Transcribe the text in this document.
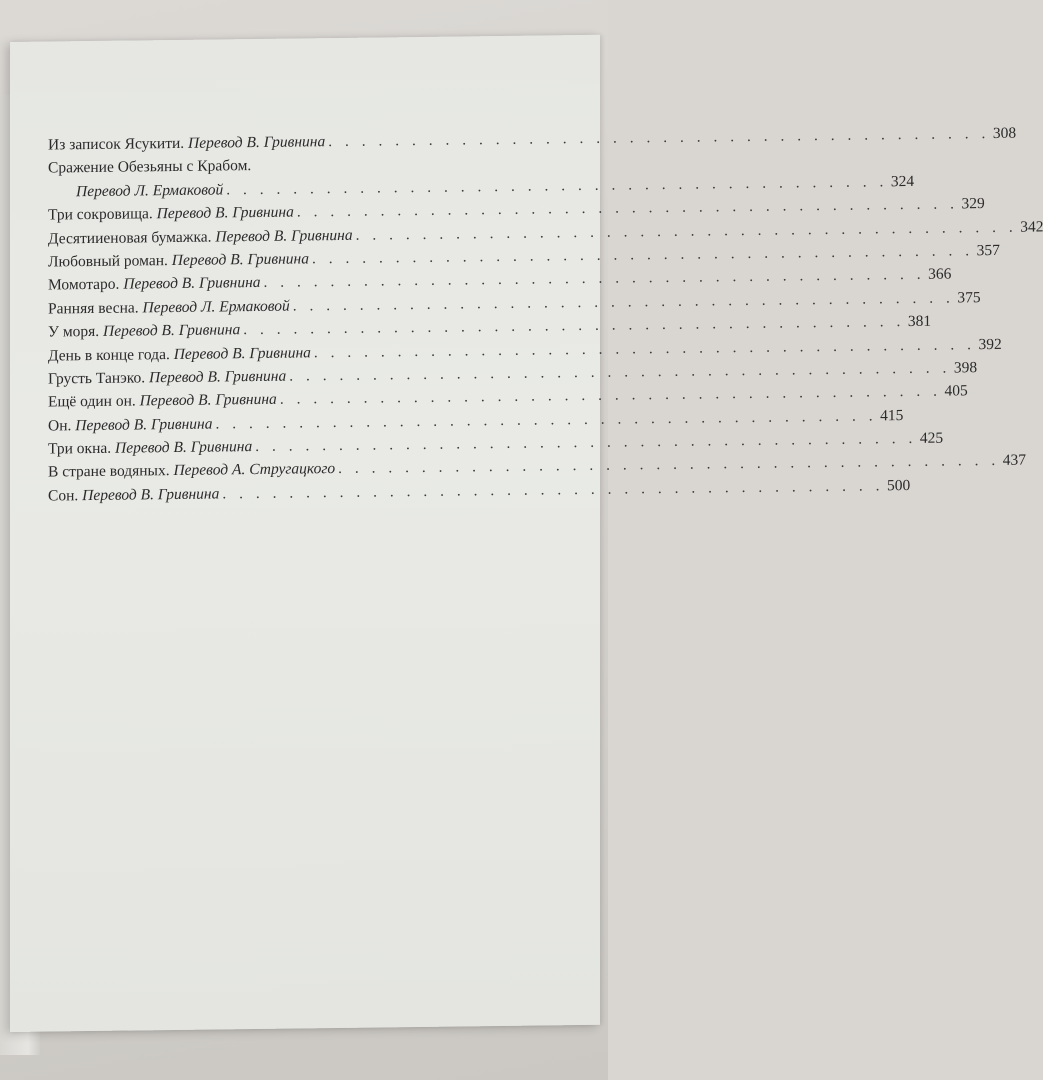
Из записок Ясукити.
Перевод В. Гривнина . . . . . . . . . . . . . . . . . . . . . . . . . . . . . . . . . . . . . . . . 308
Сражение Обезьяны с Крабом.
Перевод Л. Ермаковой . . . . . . . . . . . . . . . . . . . . . . . . . . . . . . . . . . . . . . . . 324
Три сокровища.
Перевод В. Гривнина . . . . . . . . . . . . . . . . . . . . . . . . . . . . . . . . . . . . . . . . 329
Десятииеновая бумажка.
Перевод В. Гривнина . . . . . . . . . . . . . . . . . . . . . . . . . . . . . . . . . . . . . . . . 342
Любовный роман.
Перевод В. Гривнина . . . . . . . . . . . . . . . . . . . . . . . . . . . . . . . . . . . . . . . . 357
Момотаро.
Перевод В. Гривнина . . . . . . . . . . . . . . . . . . . . . . . . . . . . . . . . . . . . . . . . 366
Ранняя весна.
Перевод Л. Ермаковой . . . . . . . . . . . . . . . . . . . . . . . . . . . . . . . . . . . . . . . . 375
У моря.
Перевод В. Гривнина . . . . . . . . . . . . . . . . . . . . . . . . . . . . . . . . . . . . . . . . 381
День в конце года.
Перевод В. Гривнина . . . . . . . . . . . . . . . . . . . . . . . . . . . . . . . . . . . . . . . . 392
Грусть Танэко.
Перевод В. Гривнина . . . . . . . . . . . . . . . . . . . . . . . . . . . . . . . . . . . . . . . . 398
Ещё один он.
Перевод В. Гривнина . . . . . . . . . . . . . . . . . . . . . . . . . . . . . . . . . . . . . . . . 405
Он.
Перевод В. Гривнина . . . . . . . . . . . . . . . . . . . . . . . . . . . . . . . . . . . . . . . . 415
Три окна.
Перевод В. Гривнина . . . . . . . . . . . . . . . . . . . . . . . . . . . . . . . . . . . . . . . . 425
В стране водяных.
Перевод А. Стругацкого . . . . . . . . . . . . . . . . . . . . . . . . . . . . . . . . . . . . . . . . 437
Сон.
Перевод В. Гривнина . . . . . . . . . . . . . . . . . . . . . . . . . . . . . . . . . . . . . . . . 500
